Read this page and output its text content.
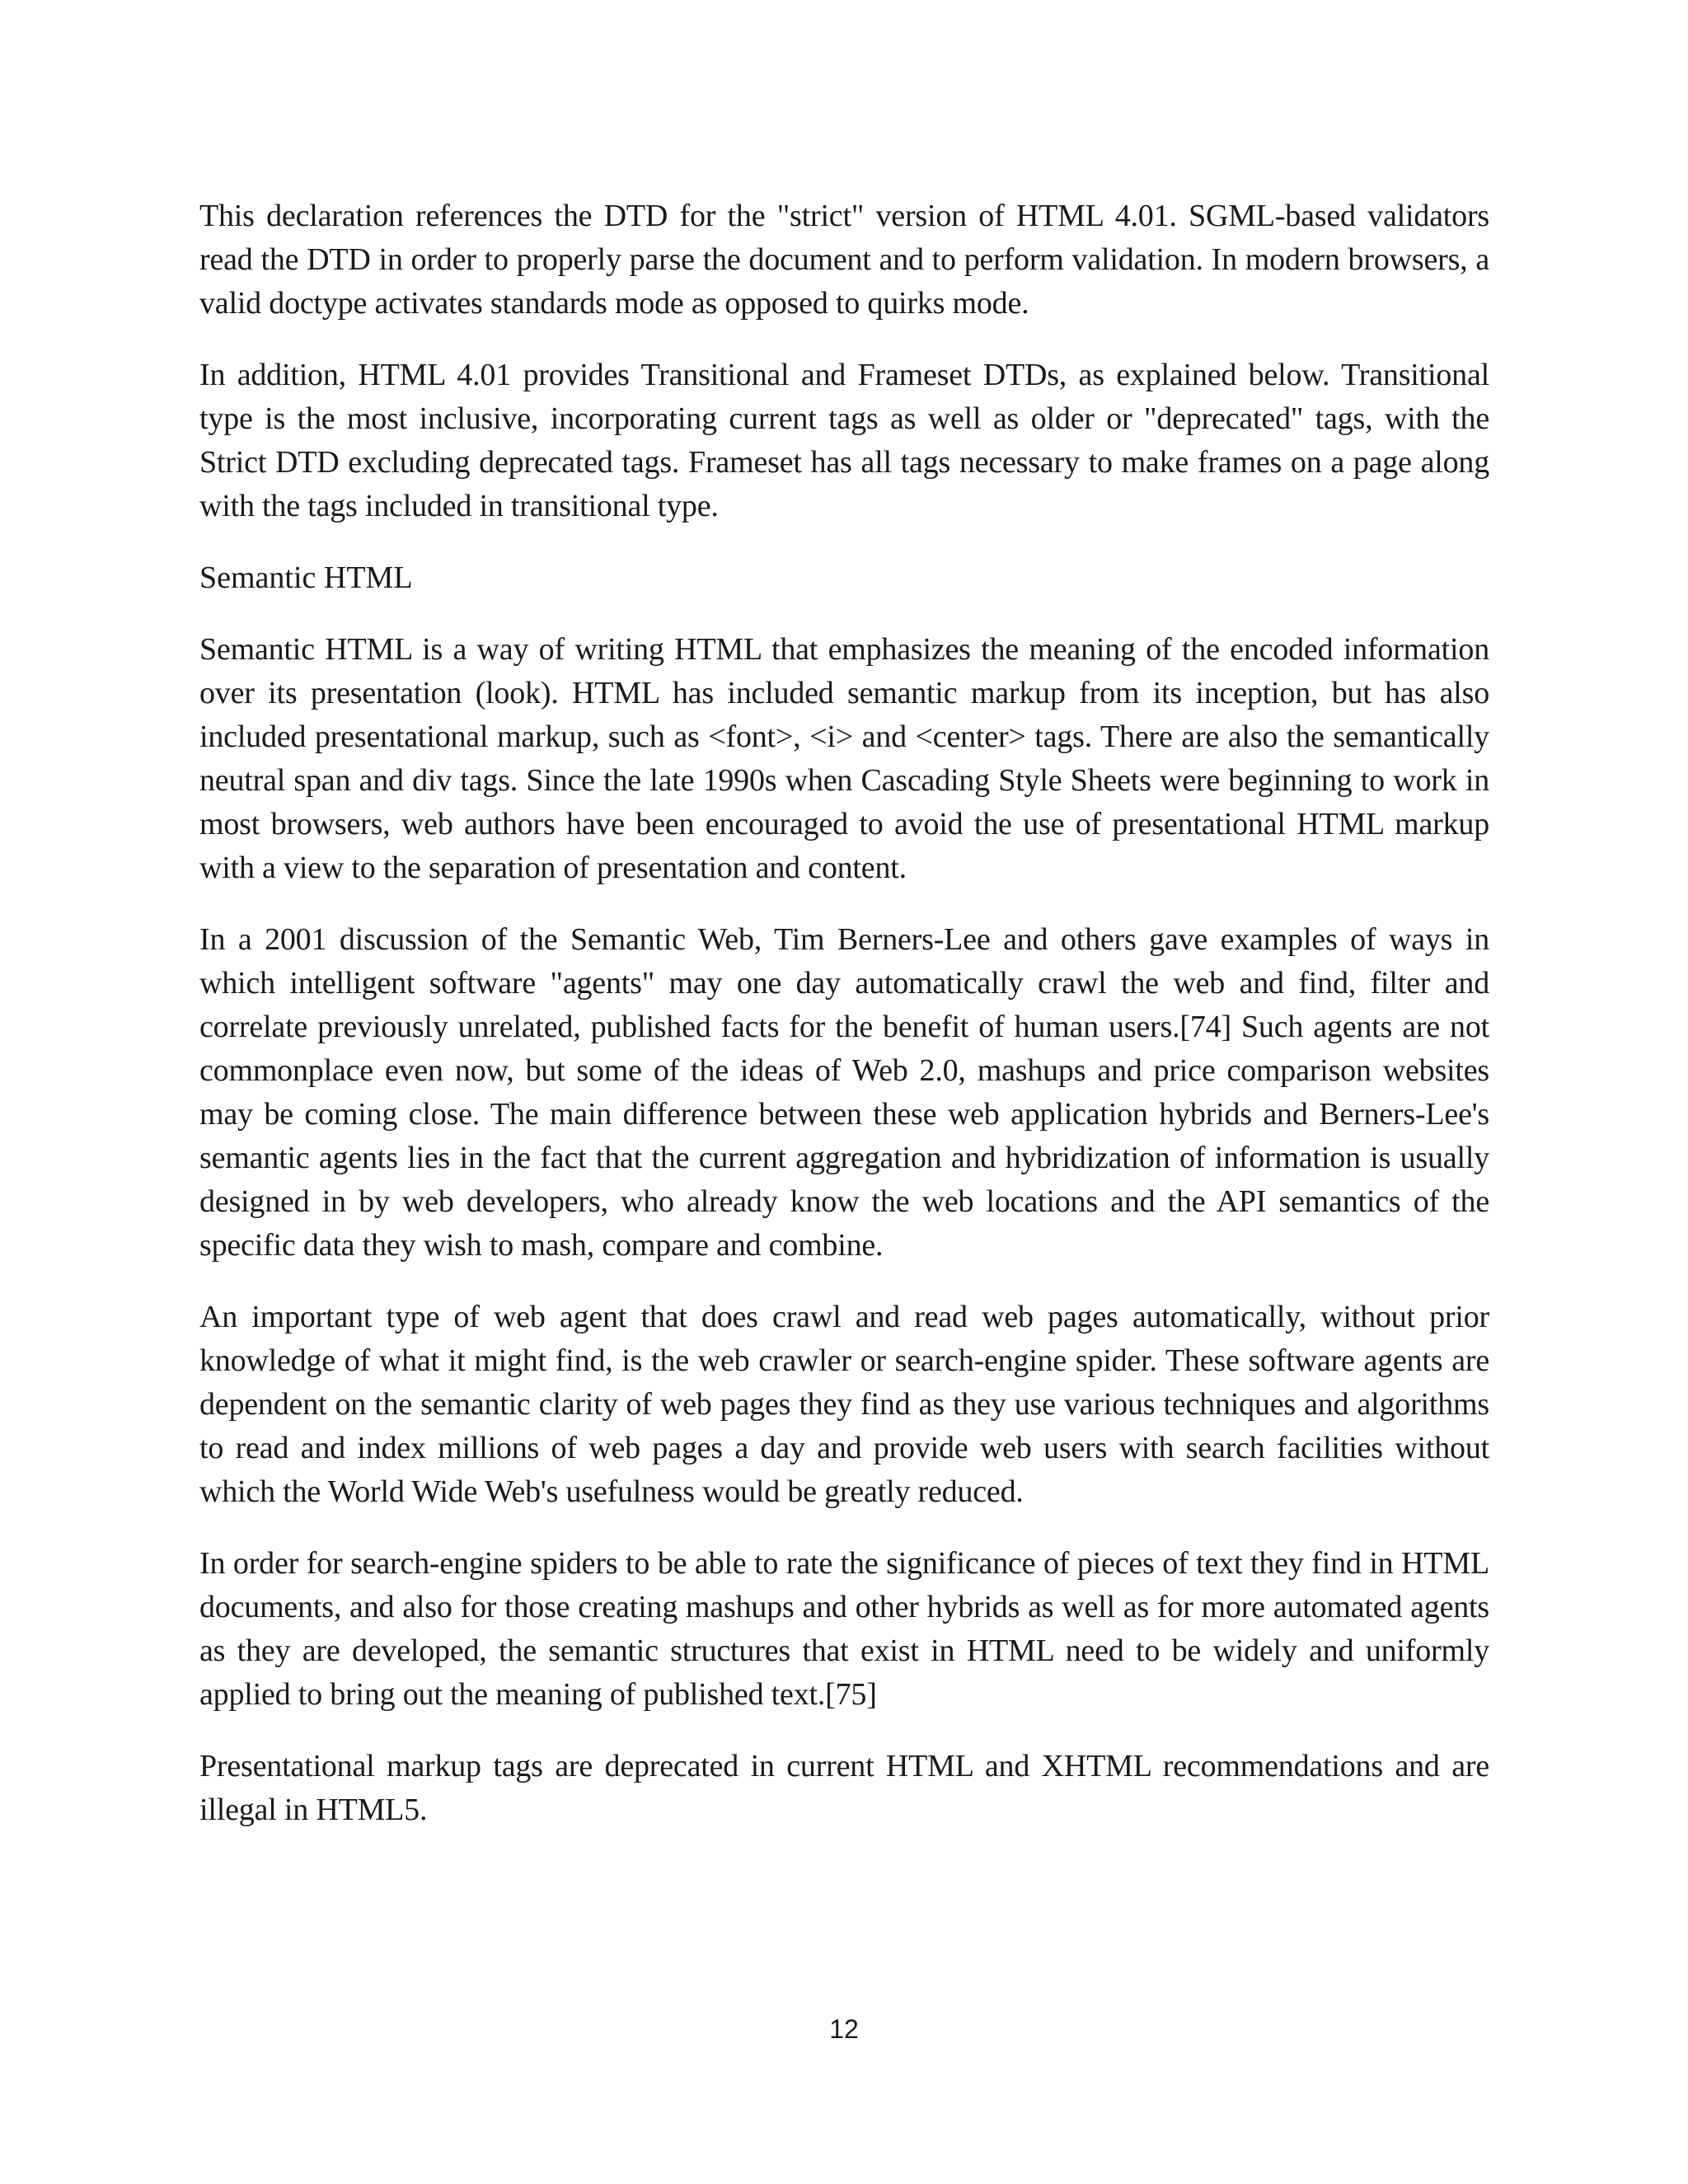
This declaration references the DTD for the "strict" version of HTML 4.01. SGML-based validators read the DTD in order to properly parse the document and to perform validation. In modern browsers, a valid doctype activates standards mode as opposed to quirks mode.

In addition, HTML 4.01 provides Transitional and Frameset DTDs, as explained below. Transitional type is the most inclusive, incorporating current tags as well as older or "deprecated" tags, with the Strict DTD excluding deprecated tags. Frameset has all tags necessary to make frames on a page along with the tags included in transitional type.

Semantic HTML

Semantic HTML is a way of writing HTML that emphasizes the meaning of the encoded information over its presentation (look). HTML has included semantic markup from its inception, but has also included presentational markup, such as <font>, <i> and <center> tags. There are also the semantically neutral span and div tags. Since the late 1990s when Cascading Style Sheets were beginning to work in most browsers, web authors have been encouraged to avoid the use of presentational HTML markup with a view to the separation of presentation and content.

In a 2001 discussion of the Semantic Web, Tim Berners-Lee and others gave examples of ways in which intelligent software "agents" may one day automatically crawl the web and find, filter and correlate previously unrelated, published facts for the benefit of human users.[74] Such agents are not commonplace even now, but some of the ideas of Web 2.0, mashups and price comparison websites may be coming close. The main difference between these web application hybrids and Berners-Lee's semantic agents lies in the fact that the current aggregation and hybridization of information is usually designed in by web developers, who already know the web locations and the API semantics of the specific data they wish to mash, compare and combine.

An important type of web agent that does crawl and read web pages automatically, without prior knowledge of what it might find, is the web crawler or search-engine spider. These software agents are dependent on the semantic clarity of web pages they find as they use various techniques and algorithms to read and index millions of web pages a day and provide web users with search facilities without which the World Wide Web's usefulness would be greatly reduced.

In order for search-engine spiders to be able to rate the significance of pieces of text they find in HTML documents, and also for those creating mashups and other hybrids as well as for more automated agents as they are developed, the semantic structures that exist in HTML need to be widely and uniformly applied to bring out the meaning of published text.[75]

Presentational markup tags are deprecated in current HTML and XHTML recommendations and are illegal in HTML5.

12
